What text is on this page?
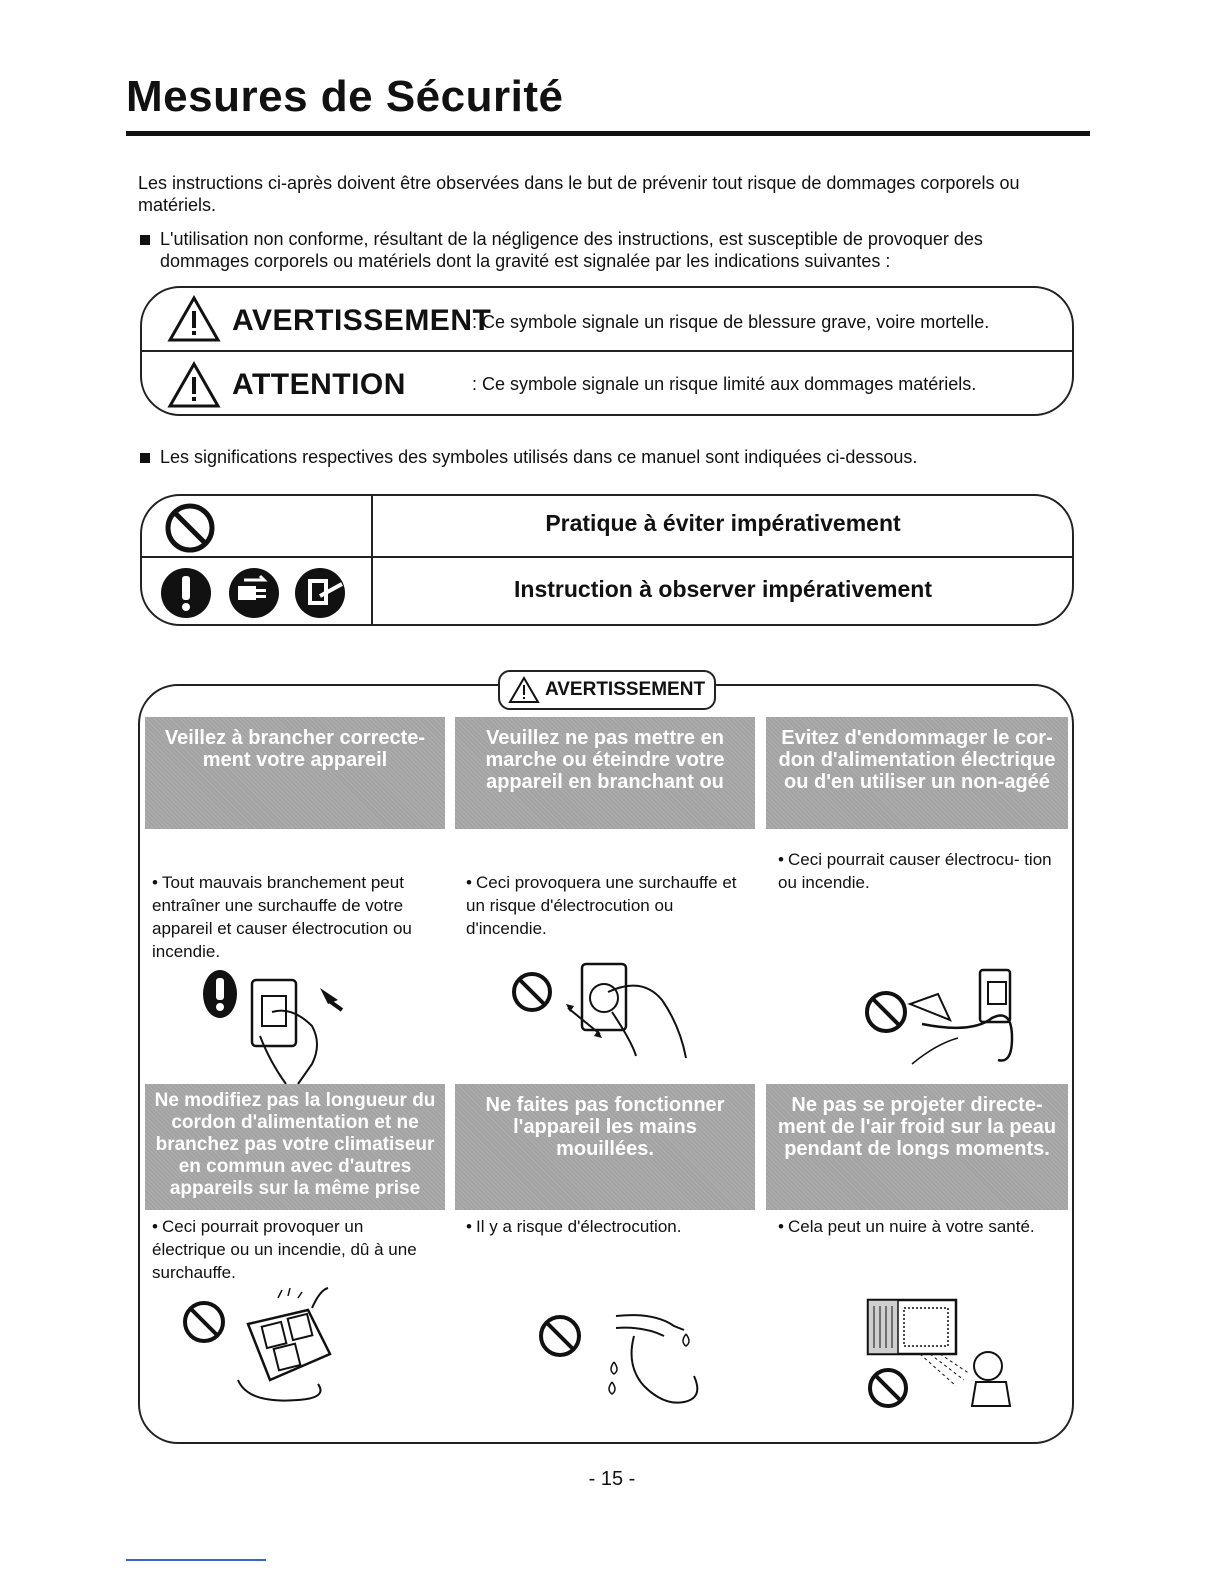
Mesures de Sécurité
Les instructions ci-après doivent être observées dans le but de prévenir tout risque de dommages corporels ou matériels.
L'utilisation non conforme, résultant de la négligence des instructions, est susceptible de provoquer des dommages corporels ou matériels dont la gravité est signalée par les indications suivantes :
AVERTISSEMENT
: Ce symbole signale un risque de blessure grave, voire mortelle.
ATTENTION	: Ce symbole signale un risque limité aux dommages matériels.
Les significations respectives des symboles utilisés dans ce manuel sont indiquées ci-dessous.
Pratique à éviter impérativement
Instruction à observer impérativement
AVERTISSEMENT
Veillez à brancher correcte-
ment votre appareil
Veuillez ne pas mettre en
marche ou éteindre votre
appareil en branchant ou
Evitez d'endommager le cor-
don d'alimentation électrique
ou d'en utiliser un non-agéé
• Tout mauvais branchement peut entraîner une surchauffe de votre appareil et causer électrocution ou incendie.
• Ceci provoquera une surchauffe et un risque d'électrocution ou d'incendie.
• Ceci pourrait causer électrocu- tion ou incendie.
Ne modifiez pas la longueur du
cordon d'alimentation et ne
branchez pas votre climatiseur
en commun avec d'autres
appareils sur la même prise
Ne faites pas fonctionner
l'appareil les mains
mouillées.
Ne pas se projeter directe-
ment de l'air froid sur la peau
pendant de longs moments.
• Ceci pourrait provoquer un électrique ou un incendie, dû à une surchauffe.
• Il y a risque d'électrocution.	• Cela peut un nuire à votre santé.
- 15 -
